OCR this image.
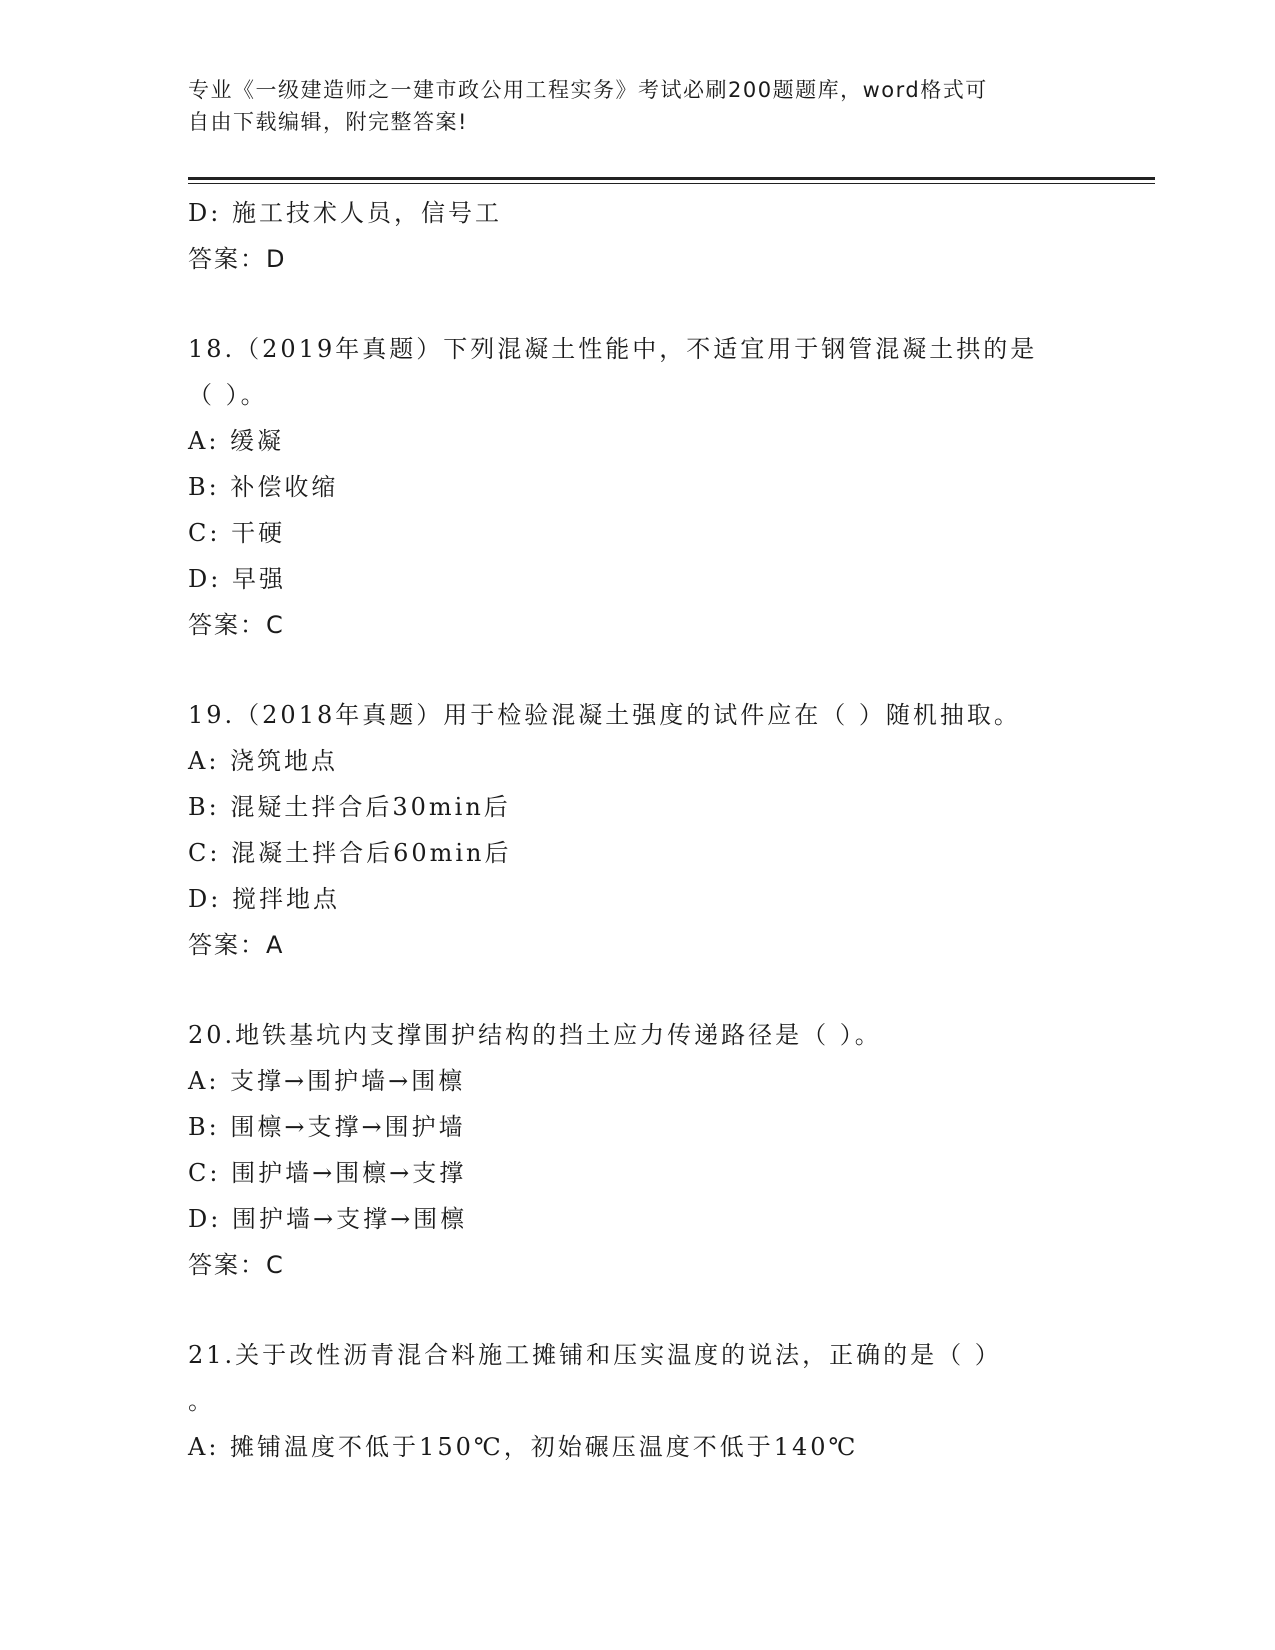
专业《一级建造师之一建市政公用工程实务》考试必刷200题题库，word格式可
自由下载编辑，附完整答案!
D: 施工技术人员，信号工
答案：D
18.（2019年真题）下列混凝土性能中，不适宜用于钢管混凝土拱的是
（ ）。
A: 缓凝
B: 补偿收缩
C: 干硬
D: 早强
答案：C
19.（2018年真题）用于检验混凝土强度的试件应在（ ）随机抽取。
A: 浇筑地点
B: 混疑土拌合后30min后
C: 混凝土拌合后60min后
D: 搅拌地点
答案：A
20.地铁基坑内支撑围护结构的挡土应力传递路径是（ ）。
A: 支撑→围护墙→围檩
B: 围檩→支撑→围护墙
C: 围护墙→围檩→支撑
D: 围护墙→支撑→围檩
答案：C
21.关于改性沥青混合料施工摊铺和压实温度的说法，正确的是（ ）
。
A: 摊铺温度不低于150℃，初始碾压温度不低于140℃
